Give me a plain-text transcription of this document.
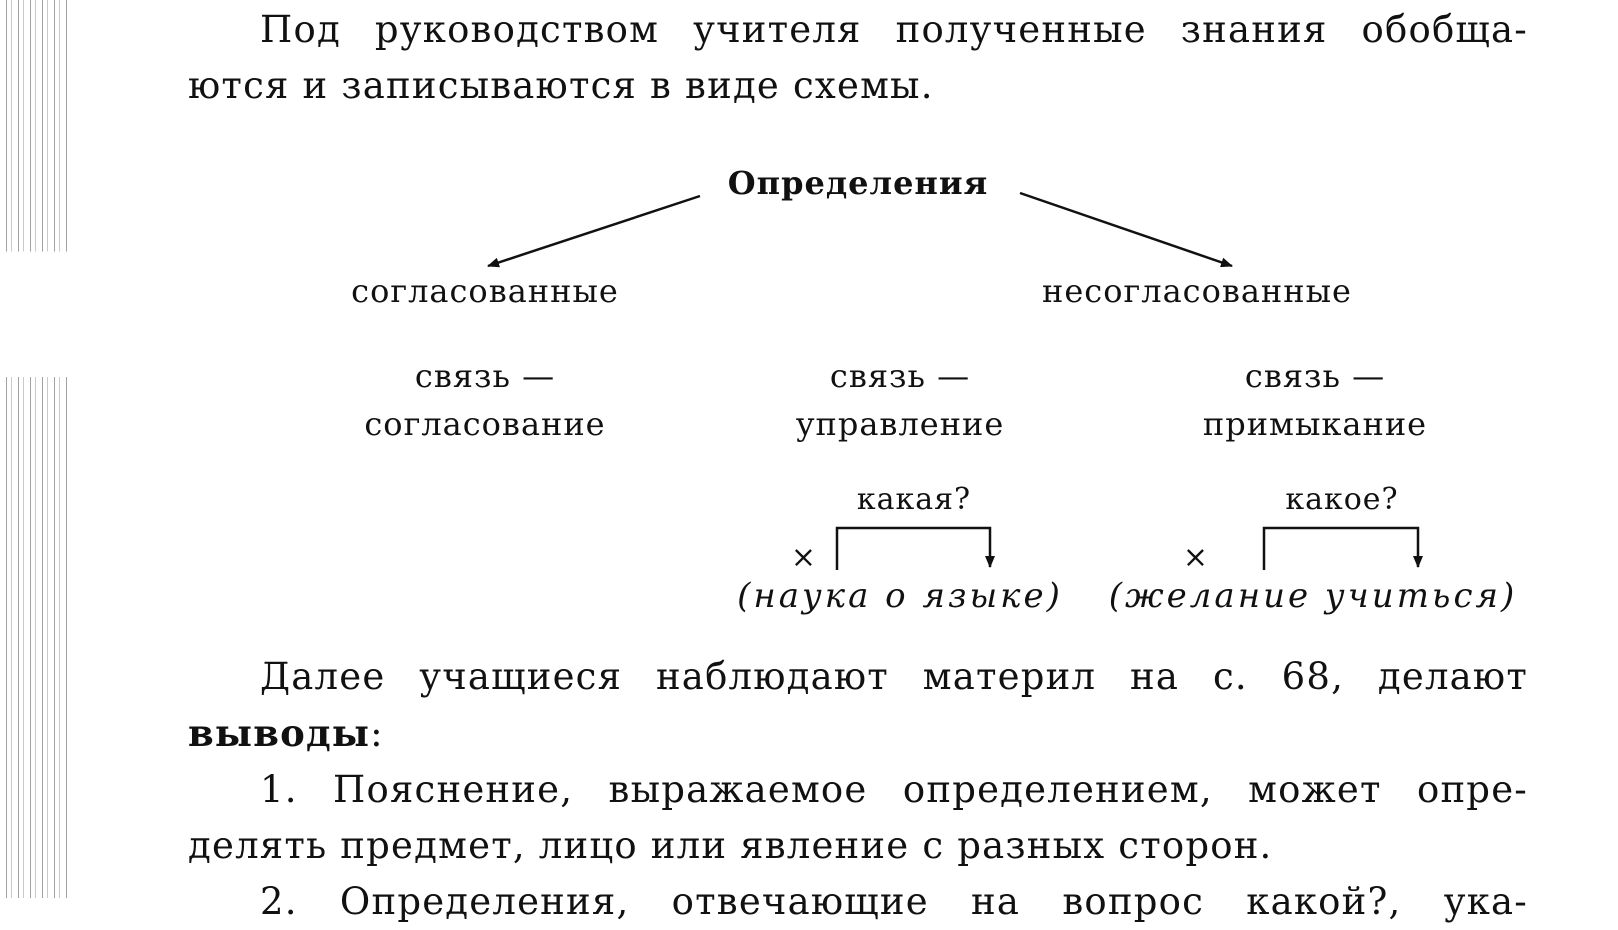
Под руководством учителя полученные знания обобща-
ются и записываются в виде схемы.
Определения
согласованные	несогласованные
связь —
согласование
связь —
управление
связь —
примыкание
какая?	какое?
×	×
(наука о языке) (желание учиться)
Далее учащиеся наблюдают материл на с. 68, делают
выводы:
1. Пояснение, выражаемое определением, может опре-
делять предмет, лицо или явление с разных сторон.
2. Определения, отвечающие на вопрос какой?, ука-
